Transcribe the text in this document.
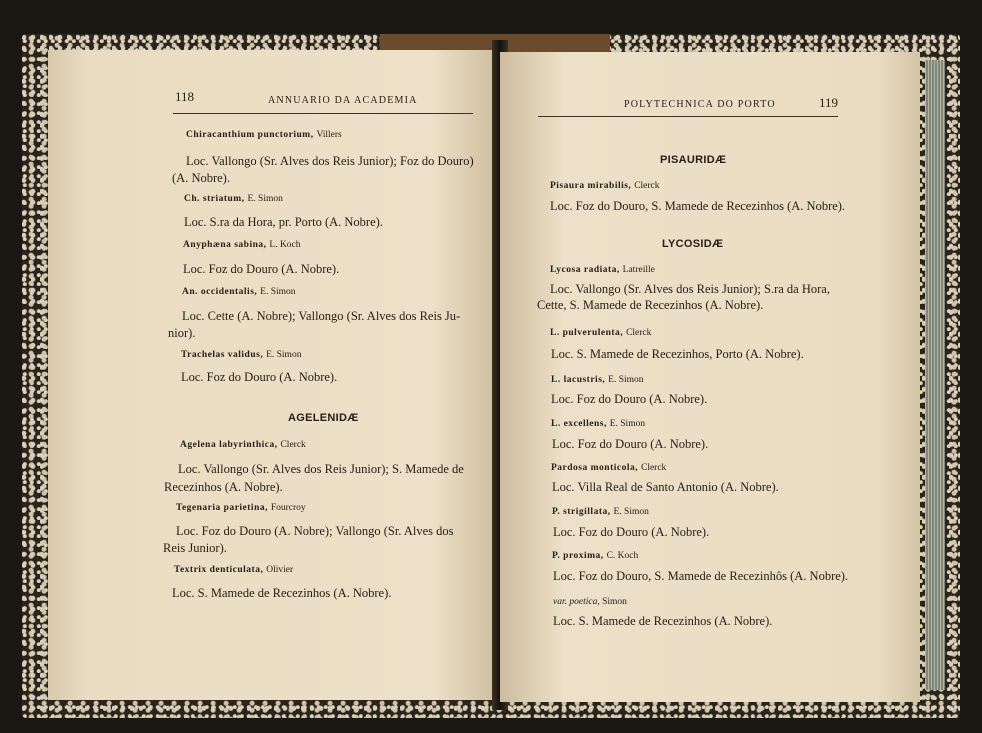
118	ANNUARIO DA ACADEMIA
Chiracanthium punctorium, Villers
Loc. Vallongo (Sr. Alves dos Reis Junior); Foz do Douro)
(A. Nobre).
Ch. striatum, E. Simon
Loc. S.ra da Hora, pr. Porto (A. Nobre).
Anyphæna sabina, L. Koch
Loc. Foz do Douro (A. Nobre).
An. occidentalis, E. Simon
Loc. Cette (A. Nobre); Vallongo (Sr. Alves dos Reis Ju-
nior).
Trachelas validus, E. Simon
Loc. Foz do Douro (A. Nobre).
AGELENIDÆ
Agelena labyrinthica, Clerck
Loc. Vallongo (Sr. Alves dos Reis Junior); S. Mamede de
Recezinhos (A. Nobre).
Tegenaria parietina, Fourcroy
Loc. Foz do Douro (A. Nobre); Vallongo (Sr. Alves dos
Reis Junior).
Textrix denticulata, Olivier
Loc. S. Mamede de Recezinhos (A. Nobre).
POLYTECHNICA DO PORTO	119
PISAURIDÆ
Pisaura mirabilis, Clerck
Loc. Foz do Douro, S. Mamede de Recezinhos (A. Nobre).
LYCOSIDÆ
Lycosa radiata, Latreille
Loc. Vallongo (Sr. Alves dos Reis Junior); S.ra da Hora,
Cette, S. Mamede de Recezinhos (A. Nobre).
L. pulverulenta, Clerck
Loc. S. Mamede de Recezinhos, Porto (A. Nobre).
L. lacustris, E. Simon
Loc. Foz do Douro (A. Nobre).
L. excellens, E. Simon
Loc. Foz do Douro (A. Nobre).
Pardosa monticola, Clerck
Loc. Villa Real de Santo Antonio (A. Nobre).
P. strigillata, E. Simon
Loc. Foz do Douro (A. Nobre).
P. proxima, C. Koch
Loc. Foz do Douro, S. Mamede de Recezinhôs (A. Nobre).
var. poetica, Simon
Loc. S. Mamede de Recezinhos (A. Nobre).
